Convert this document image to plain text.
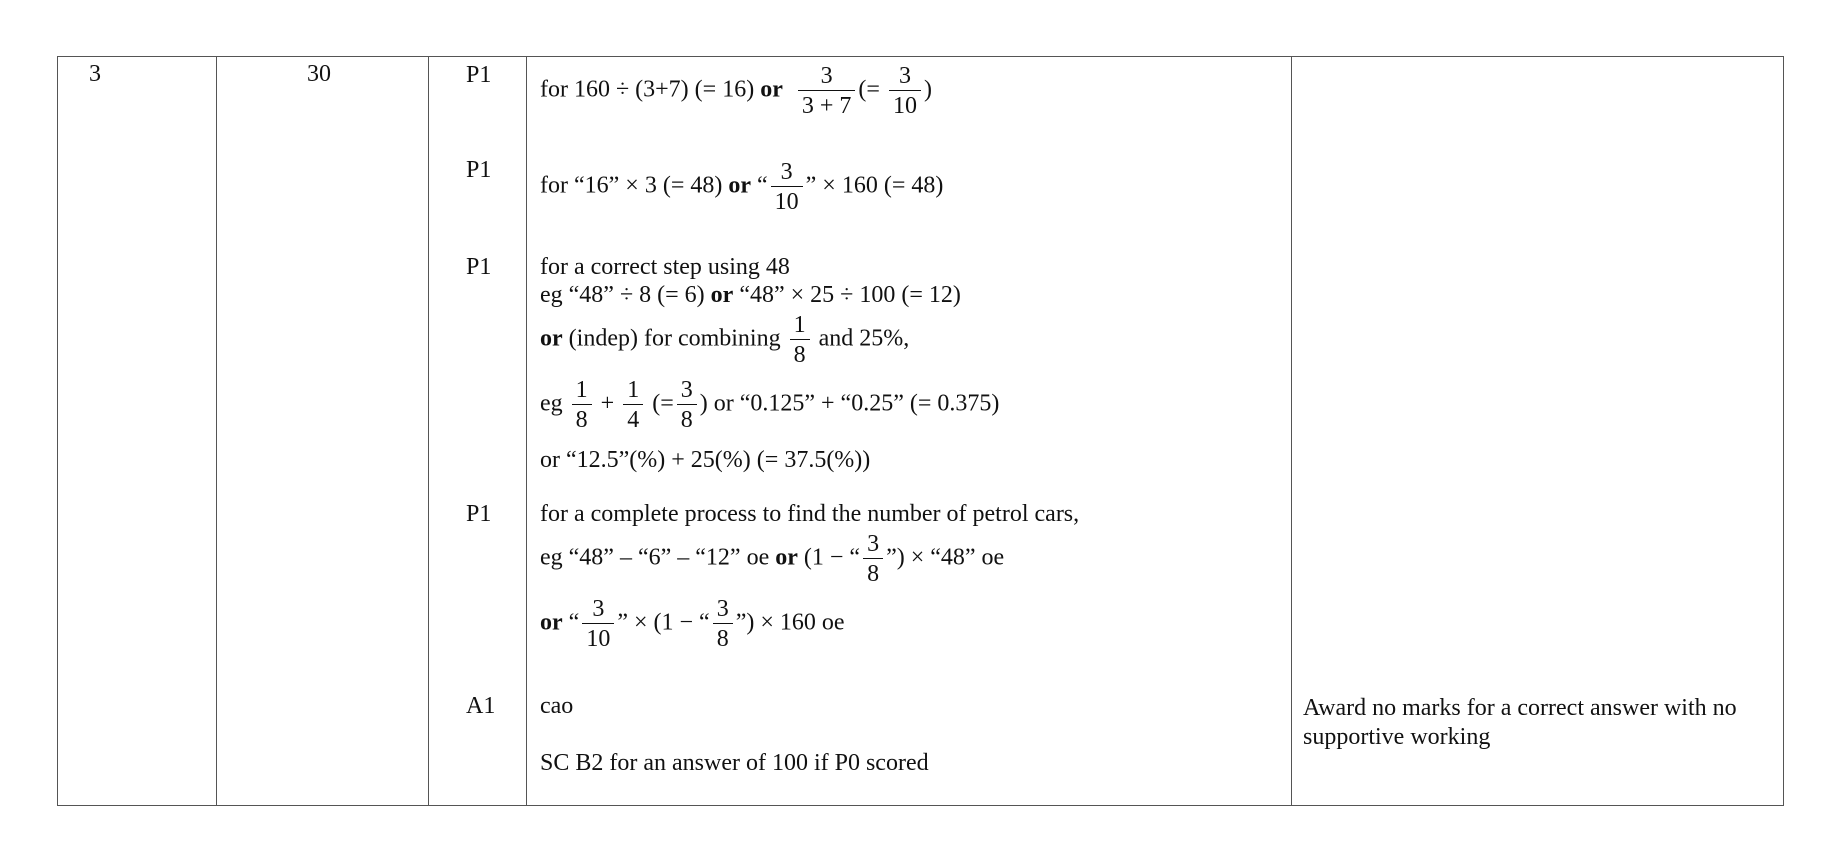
3	30	P1
for 160 ÷ (3+7) (= 16) or $\frac{3}{3 + 7}$ (= $\frac{3}{10}$ )
P1
for “16” × 3 (= 48) or “ $\frac{3}{10}$ ” × 160 (= 48)
P1 for a correct step using 48
eg “48” ÷ 8 (= 6) or “48” × 25 ÷ 100 (= 12)
or (indep) for combining $\frac{1}{8}$ and 25%,
eg $\frac{1}{8} + \frac{1}{4}$ (= $\frac{3}{8}$ ) or “0.125” + “0.25” (= 0.375)
or “12.5”(%) + 25(%) (= 37.5(%))
P1 for a complete process to find the number of petrol cars,
eg “48” – “6” – “12” oe or (1 − “ $\frac{3}{8}$ ”) × “48” oe
or “ $\frac{3}{10}$ ” × (1 − “ $\frac{3}{8}$ ”) × 160 oe
A1 cao
SC B2 for an answer of 100 if P0 scored
Award no marks for a correct answer with no supportive working
